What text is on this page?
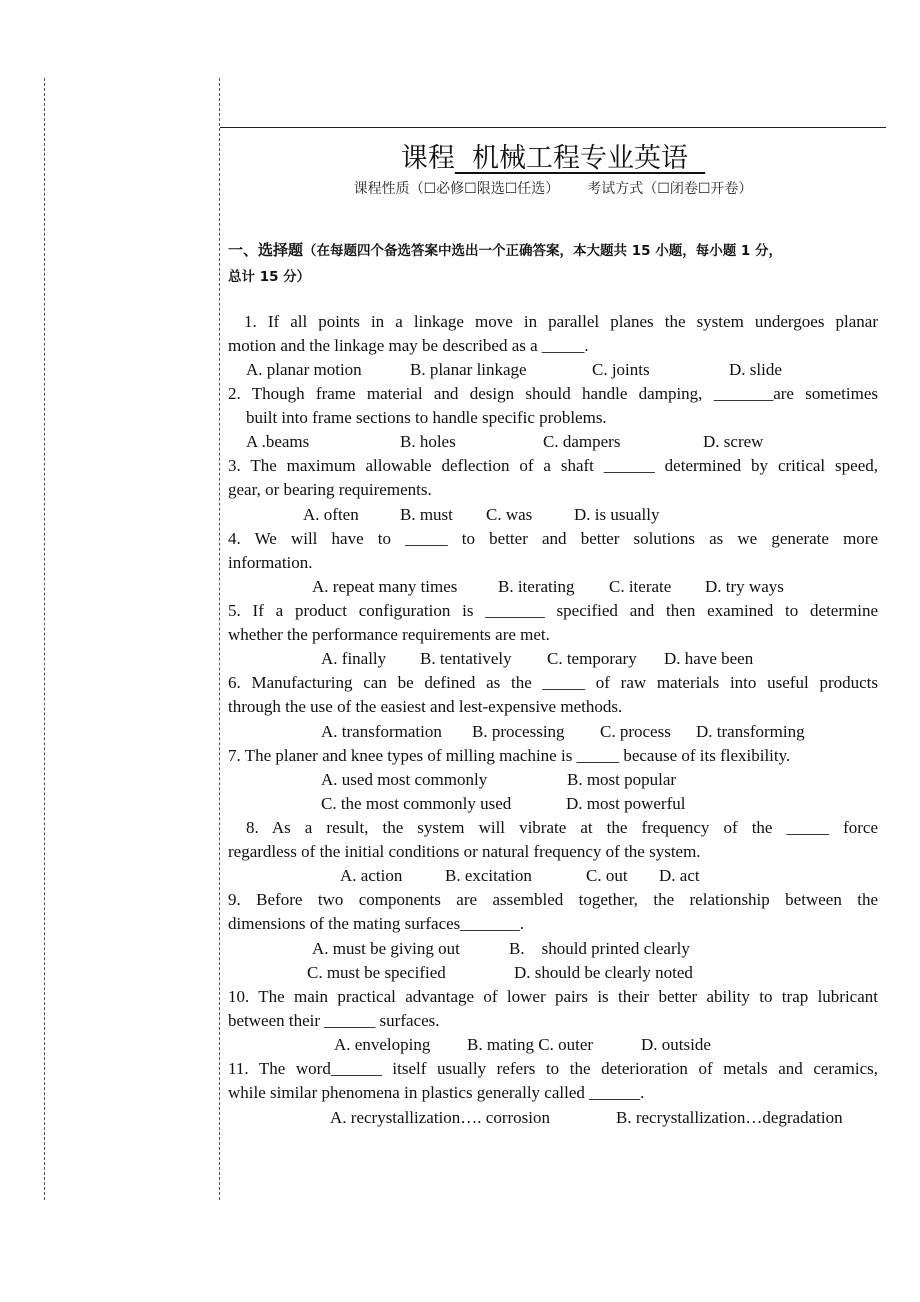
课程  机械工程专业英语
课程性质（☐必修☐限选☐任选） 考试方式（☐闭卷☐开卷）
一、选择题（在每题四个备选答案中选出一个正确答案，本大题共 15 小题，每小题 1 分，
总计 15 分）
1. If all points in a linkage move in parallel planes the system undergoes planar
motion and the linkage may be described as a _____.
A. planar motion	B. planar linkage	C. joints	D. slide
2. Though frame material and design should handle damping, _______are sometimes
built into frame sections to handle specific problems.
A .beams	B. holes	C. dampers	D. screw
3. The maximum allowable deflection of a shaft ______ determined by critical speed,
gear, or bearing requirements.
A. often B. must C. was D. is usually
4. We will have to _____ to better and better solutions as we generate more
information.
A. repeat many times B. iterating C. iterate D. try ways
5. If a product configuration is _______ specified and then examined to determine
whether the performance requirements are met.
A. finally B. tentatively C. temporary D. have been
6. Manufacturing can be defined as the _____ of raw materials into useful products
through the use of the easiest and lest-expensive methods.
A. transformation B. processing C. process D. transforming
7. The planer and knee types of milling machine is _____ because of its flexibility.
A. used most commonly	B. most popular
C. the most commonly used	D. most powerful
8. As a result, the system will vibrate at the frequency of the _____ force
regardless of the initial conditions or natural frequency of the system.
A. action	B. excitation	C. out D. act
9. Before two components are assembled together, the relationship between the
dimensions of the mating surfaces_______.
A. must be giving out	B.    should printed clearly
C. must be specified	D. should be clearly noted
10. The main practical advantage of lower pairs is their better ability to trap lubricant
between their ______ surfaces.
A. enveloping B. mating C. outer	D. outside
11. The word______ itself usually refers to the deterioration of metals and ceramics,
while similar phenomena in plastics generally called ______.
A. recrystallization…. corrosion	B. recrystallization…degradation
